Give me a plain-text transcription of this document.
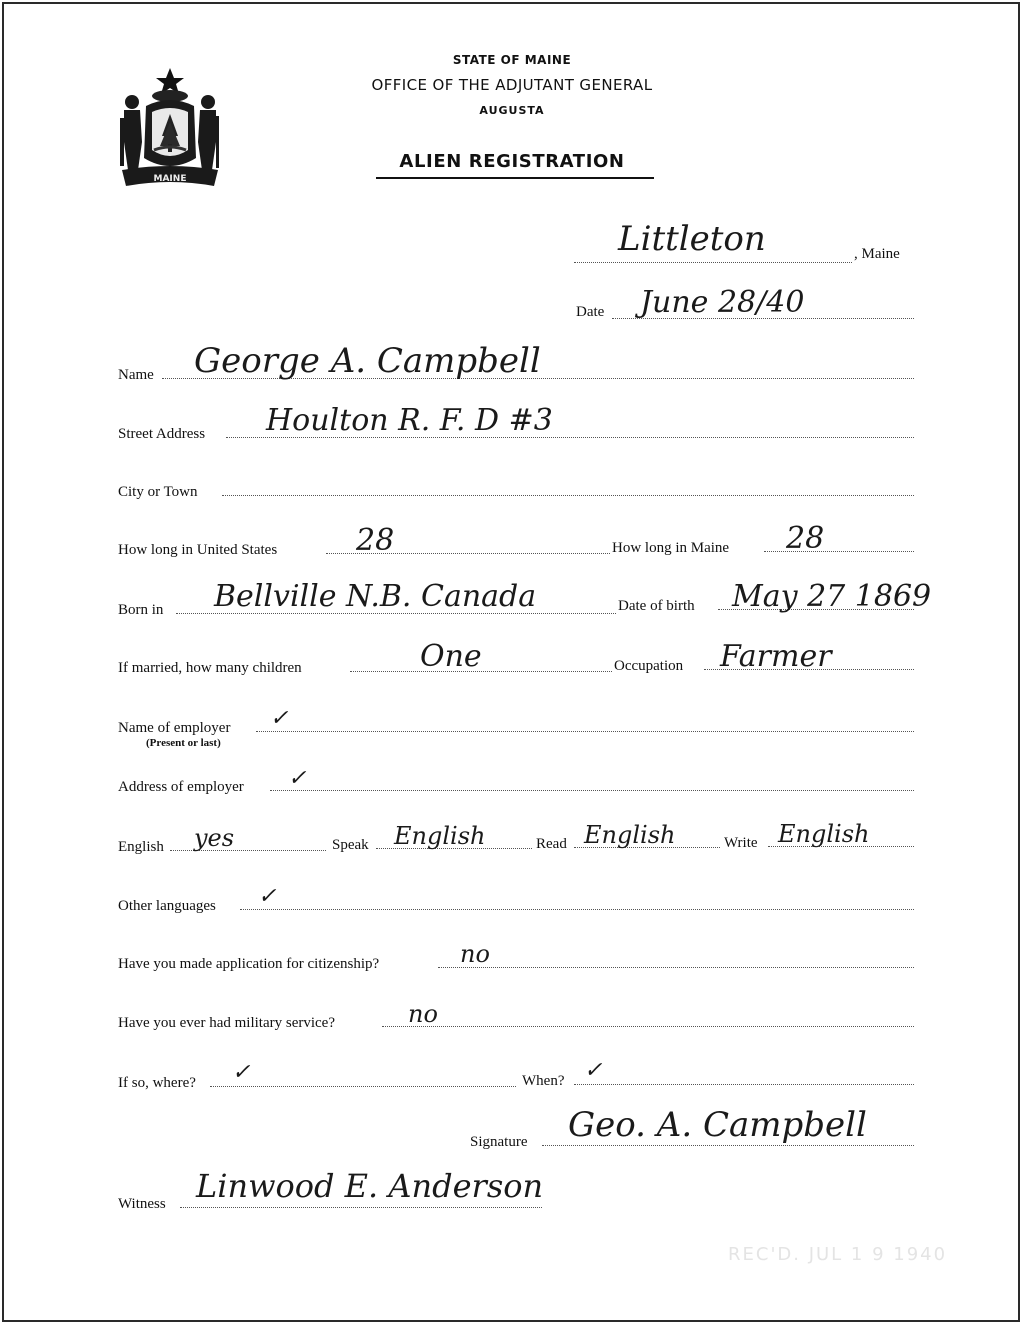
MAINE
STATE OF MAINE
OFFICE OF THE ADJUTANT GENERAL
AUGUSTA
ALIEN REGISTRATION
Littleton	, Maine
Date June 28/40
Name George A. Campbell
Street Address Houlton R. F. D #3
City or Town
How long in United States	28	How long in Maine 28
Born in Bellville N.B. Canada	Date of birth May 27 1869
If married, how many children	One	Occupation Farmer
Name of employer
(Present or last)
✓
Address of employer ✓
English yes	Speak English	Read English	Write English
Other languages ✓
Have you made application for citizenship?	no
Have you ever had military service?	no
If so, where? ✓	When? ✓
Signature Geo. A. Campbell
Witness Linwood E. Anderson
REC'D. JUL 1 9 1940
